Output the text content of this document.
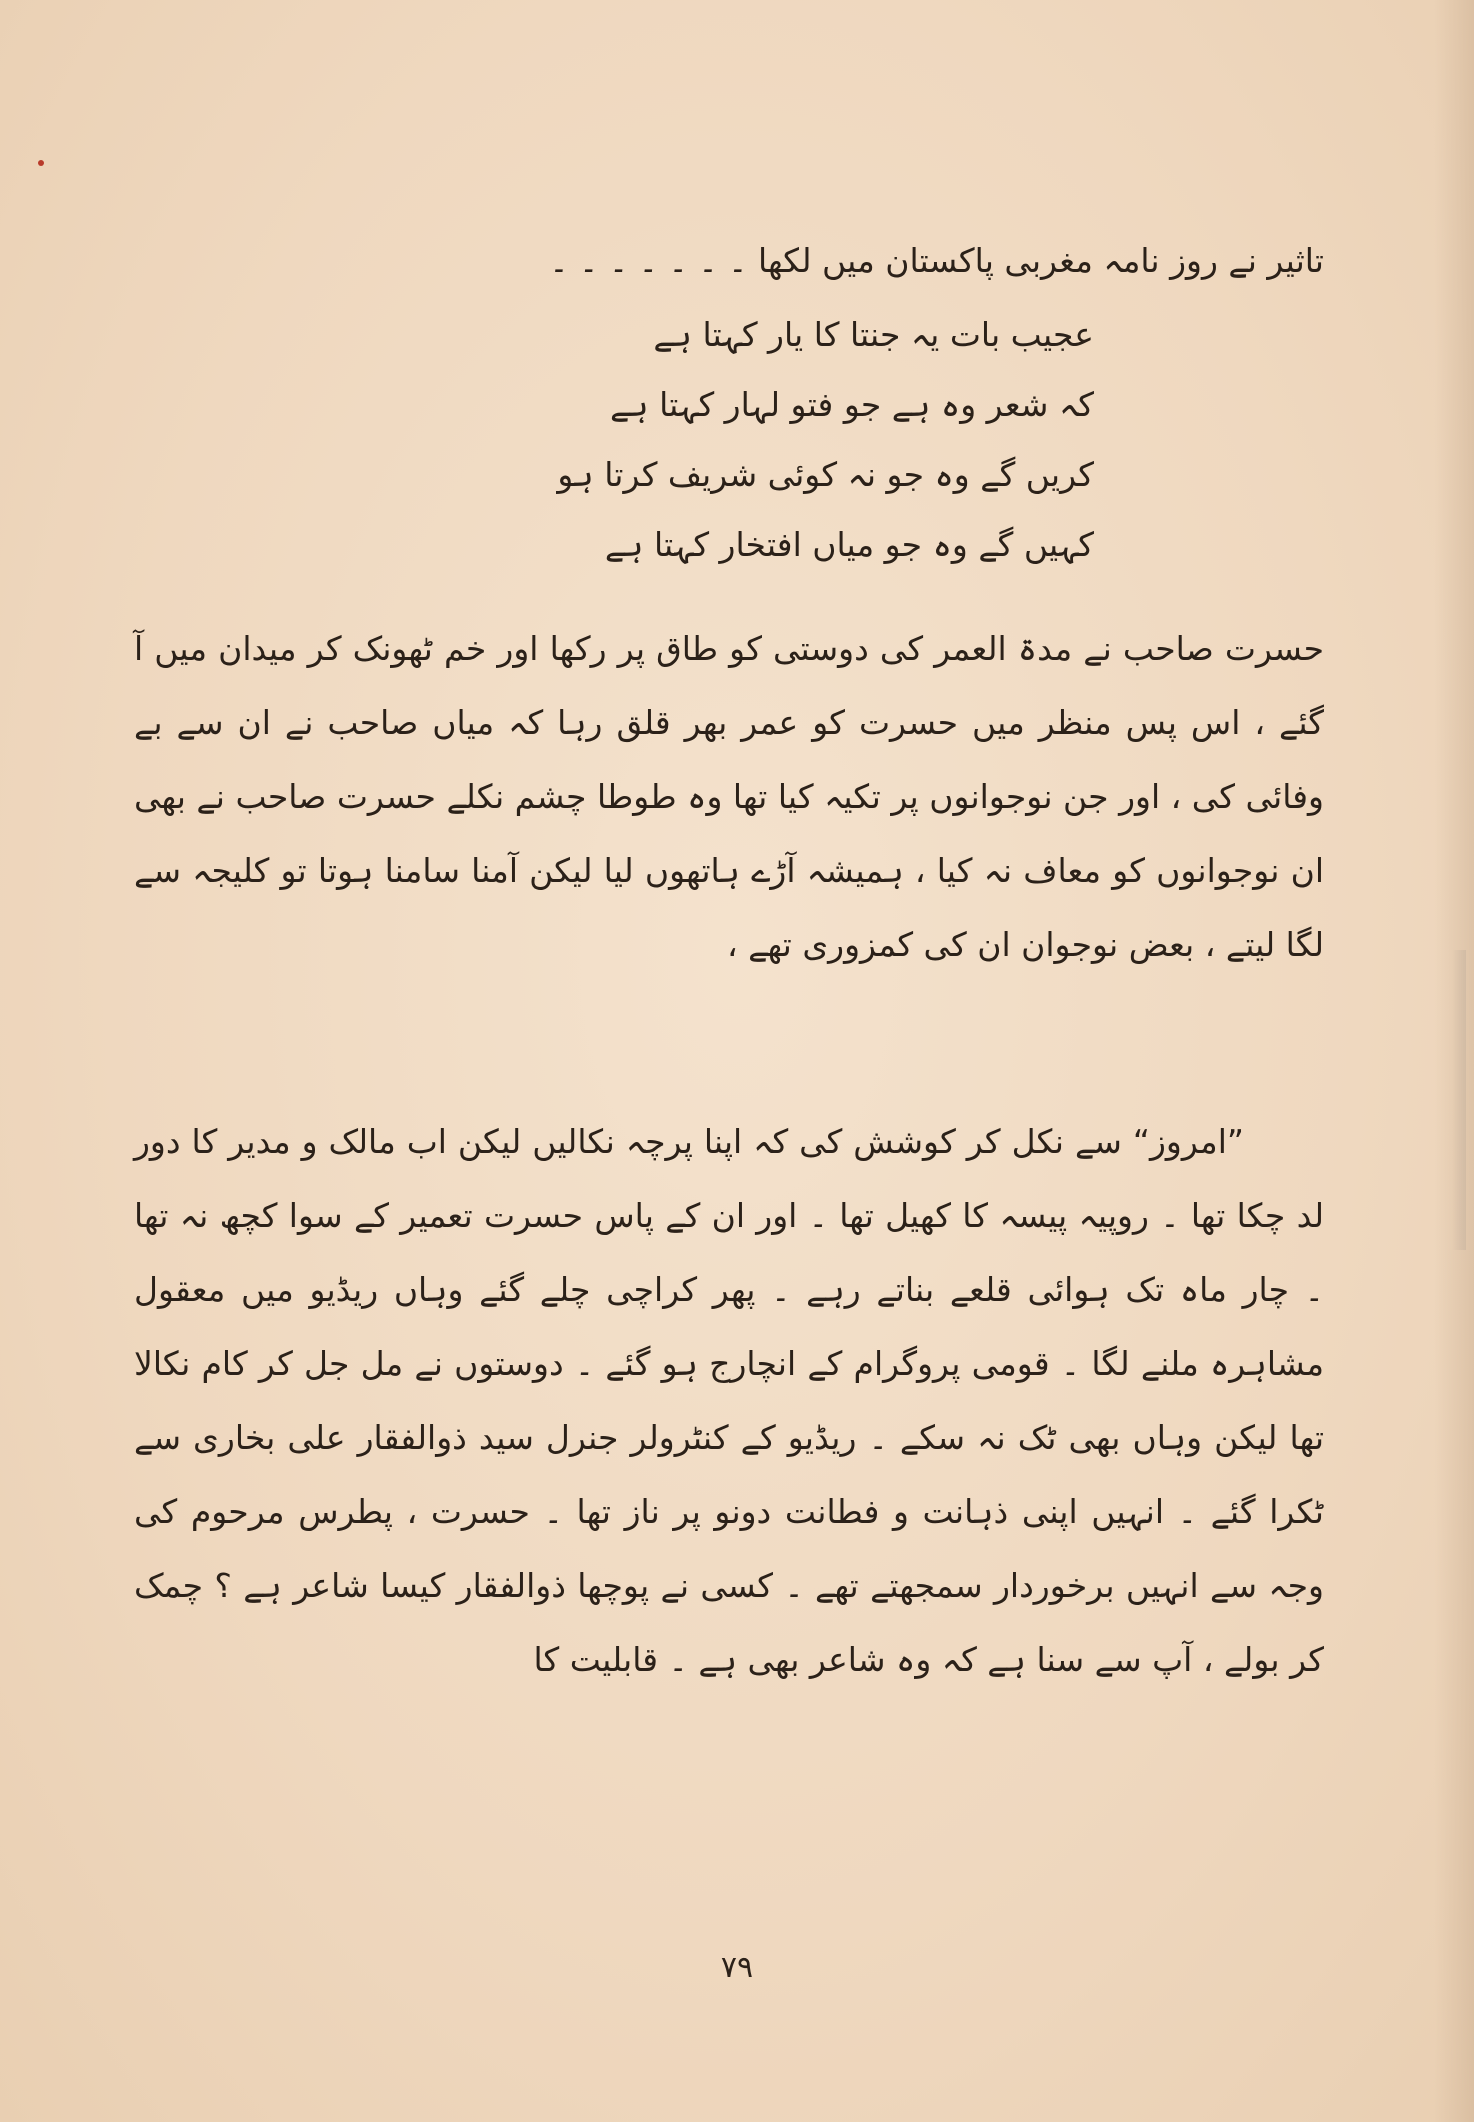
تاثیر نے روز نامہ مغربی پاکستان میں لکھا ۔ ۔ ۔ ۔ ۔ ۔ ۔
عجیب بات یہ جنتا کا یار کہتا ہے
کہ شعر وہ ہے جو فتو لہار کہتا ہے
کریں گے وہ جو نہ کوئی شریف کرتا ہو
کہیں گے وہ جو میاں افتخار کہتا ہے

حسرت صاحب نے مدۃ العمر کی دوستی کو طاق پر رکھا اور خم ٹھونک کر میدان میں آ گئے ، اس پس منظر میں حسرت کو عمر بھر قلق رہا کہ میاں صاحب نے ان سے بے وفائی کی ، اور جن نوجوانوں پر تکیہ کیا تھا وہ طوطا چشم نکلے حسرت صاحب نے بھی ان نوجوانوں کو معاف نہ کیا ، ہمیشہ آڑے ہاتھوں لیا لیکن آمنا سامنا ہوتا تو کلیجہ سے لگا لیتے ، بعض نوجوان ان کی کمزوری تھے ،

”امروز“ سے نکل کر کوشش کی کہ اپنا پرچہ نکالیں لیکن اب مالک و مدیر کا دور لد چکا تھا ۔ روپیہ پیسہ کا کھیل تھا ۔ اور ان کے پاس حسرت تعمیر کے سوا کچھ نہ تھا ۔ چار ماہ تک ہوائی قلعے بناتے رہے ۔ پھر کراچی چلے گئے وہاں ریڈیو میں معقول مشاہرہ ملنے لگا ۔ قومی پروگرام کے انچارج ہو گئے ۔ دوستوں نے مل جل کر کام نکالا تھا لیکن وہاں بھی ٹک نہ سکے ۔ ریڈیو کے کنٹرولر جنرل سید ذوالفقار علی بخاری سے ٹکرا گئے ۔ انہیں اپنی ذہانت و فطانت دونو پر ناز تھا ۔ حسرت ، پطرس مرحوم کی وجہ سے انہیں برخوردار سمجھتے تھے ۔ کسی نے پوچھا ذوالفقار کیسا شاعر ہے ؟ چمک کر بولے ، آپ سے سنا ہے کہ وہ شاعر بھی ہے ۔ قابلیت کا

۷۹
